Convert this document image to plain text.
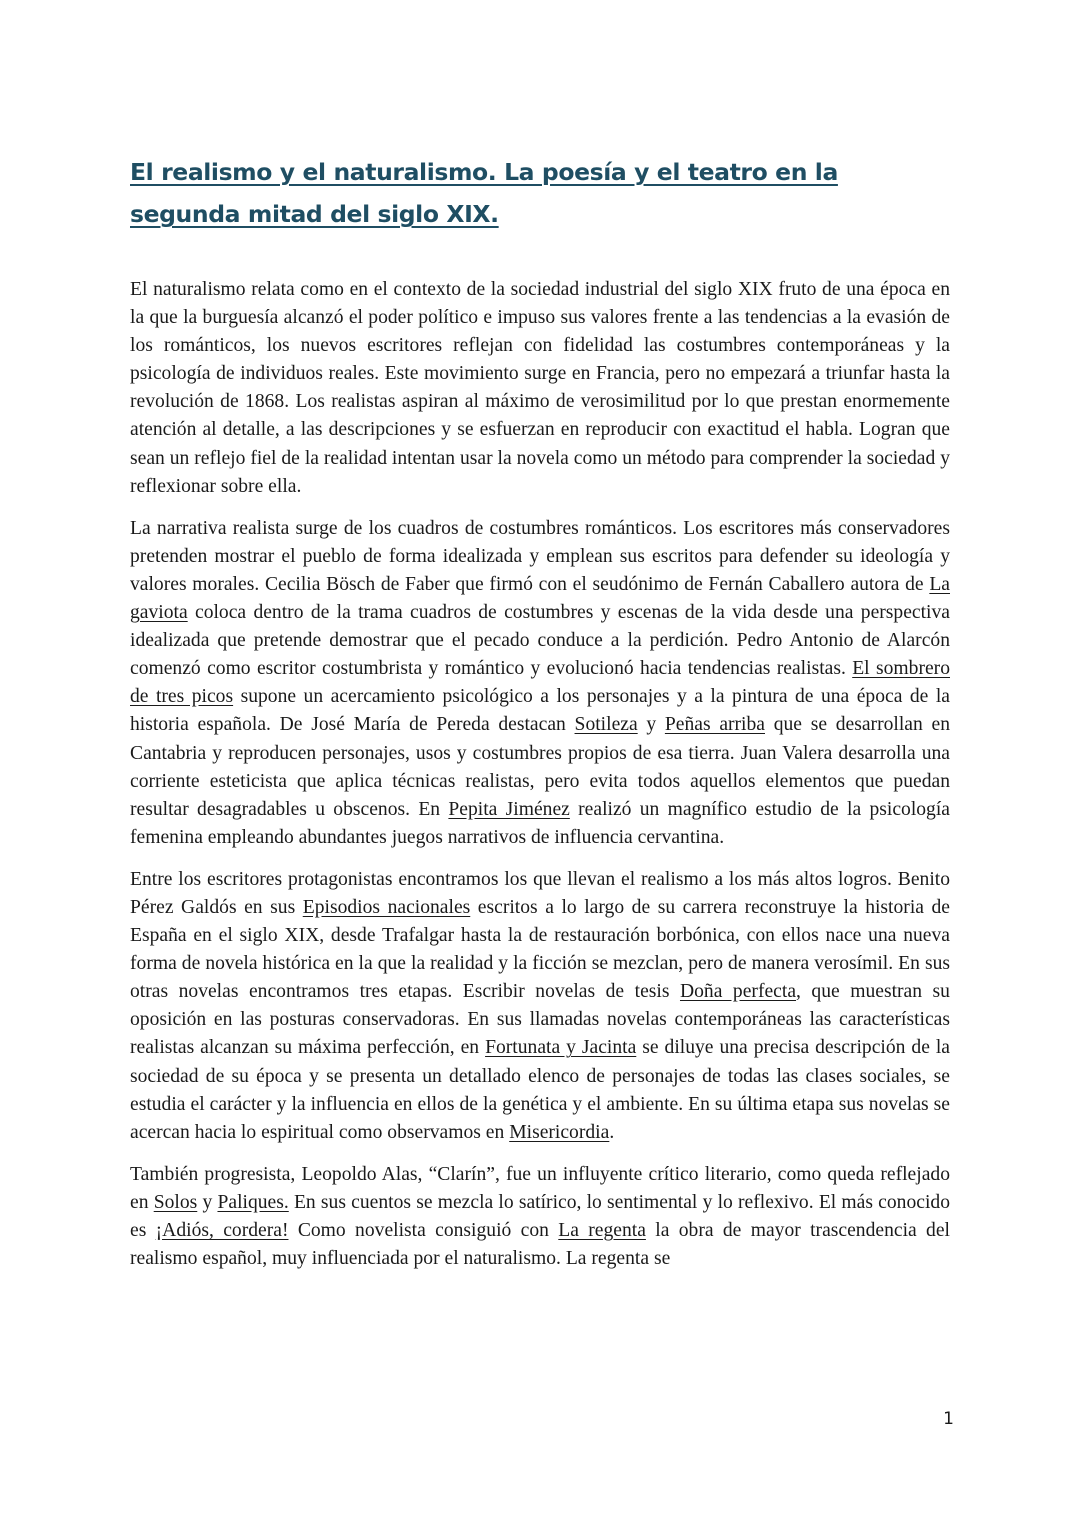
El realismo y el naturalismo. La poesía y el teatro en la segunda mitad del siglo XIX.

El naturalismo relata como en el contexto de la sociedad industrial del siglo XIX fruto de una época en la que la burguesía alcanzó el poder político e impuso sus valores frente a las tendencias a la evasión de los románticos, los nuevos escritores reflejan con fidelidad las costumbres contemporáneas y la psicología de individuos reales. Este movimiento surge en Francia, pero no empezará a triunfar hasta la revolución de 1868. Los realistas aspiran al máximo de verosimilitud por lo que prestan enormemente atención al detalle, a las descripciones y se esfuerzan en reproducir con exactitud el habla. Logran que sean un reflejo fiel de la realidad intentan usar la novela como un método para comprender la sociedad y reflexionar sobre ella.

La narrativa realista surge de los cuadros de costumbres románticos. Los escritores más conservadores pretenden mostrar el pueblo de forma idealizada y emplean sus escritos para defender su ideología y valores morales. Cecilia Bösch de Faber que firmó con el seudónimo de Fernán Caballero autora de La gaviota coloca dentro de la trama cuadros de costumbres y escenas de la vida desde una perspectiva idealizada que pretende demostrar que el pecado conduce a la perdición. Pedro Antonio de Alarcón comenzó como escritor costumbrista y romántico y evolucionó hacia tendencias realistas. El sombrero de tres picos supone un acercamiento psicológico a los personajes y a la pintura de una época de la historia española. De José María de Pereda destacan Sotileza y Peñas arriba que se desarrollan en Cantabria y reproducen personajes, usos y costumbres propios de esa tierra. Juan Valera desarrolla una corriente esteticista que aplica técnicas realistas, pero evita todos aquellos elementos que puedan resultar desagradables u obscenos. En Pepita Jiménez realizó un magnífico estudio de la psicología femenina empleando abundantes juegos narrativos de influencia cervantina.

Entre los escritores protagonistas encontramos los que llevan el realismo a los más altos logros. Benito Pérez Galdós en sus Episodios nacionales escritos a lo largo de su carrera reconstruye la historia de España en el siglo XIX, desde Trafalgar hasta la de restauración borbónica, con ellos nace una nueva forma de novela histórica en la que la realidad y la ficción se mezclan, pero de manera verosímil. En sus otras novelas encontramos tres etapas. Escribir novelas de tesis Doña perfecta, que muestran su oposición en las posturas conservadoras. En sus llamadas novelas contemporáneas las características realistas alcanzan su máxima perfección, en Fortunata y Jacinta se diluye una precisa descripción de la sociedad de su época y se presenta un detallado elenco de personajes de todas las clases sociales, se estudia el carácter y la influencia en ellos de la genética y el ambiente. En su última etapa sus novelas se acercan hacia lo espiritual como observamos en Misericordia.

También progresista, Leopoldo Alas, “Clarín”, fue un influyente crítico literario, como queda reflejado en Solos y Paliques. En sus cuentos se mezcla lo satírico, lo sentimental y lo reflexivo. El más conocido es ¡Adiós, cordera! Como novelista consiguió con La regenta la obra de mayor trascendencia del realismo español, muy influenciada por el naturalismo. La regenta se

1
